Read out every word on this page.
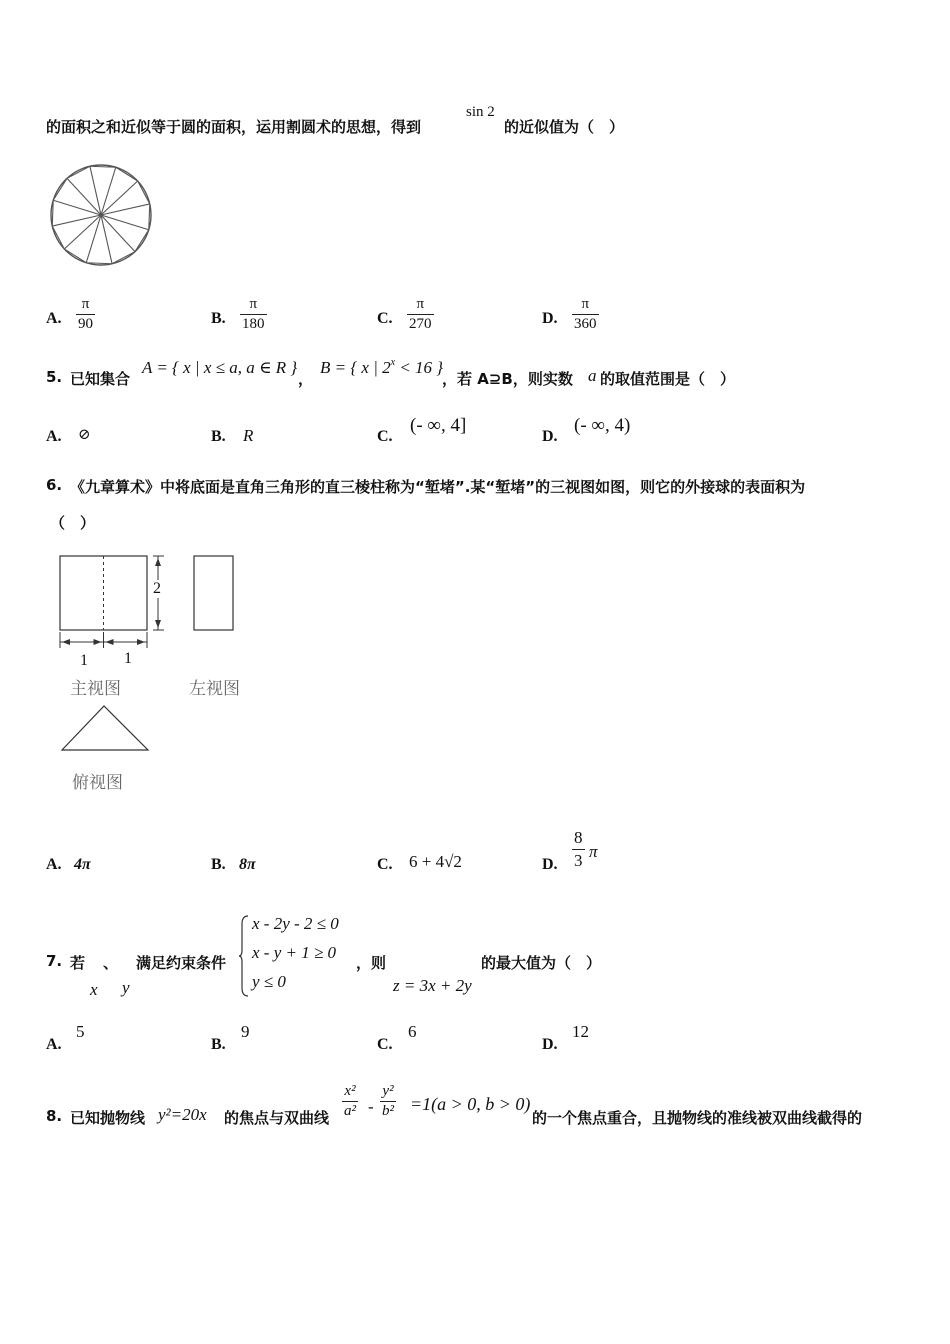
的面积之和近似等于圆的面积，运用割圆术的思想，得到
sin 2
的近似值为（　）
A.
π
90	B.
π
180	C.
π
270	D.
π
360
5. 已知集合
A = { x | x ≤ a, a ∈ R }
，
B = { x | $2^x < 16$ }
，若 A⊇B，则实数 a 的取值范围是（　）
A. ⊘	B. R	C.
(- ∞, 4]
D.
(- ∞, 4)
6. 《九章算术》中将底面是直角三角形的直三棱柱称为“堑堵”.某“堑堵”的三视图如图，则它的外接球的表面积为
（　）
2
1 1
主视图	左视图
俯视图
A. 4π	B. 8π	C. 6 + 4√2	D.
8
3 π
7. 若 、 满足约束条件
x y
x - 2y - 2 ≤ 0
x - y + 1 ≥ 0
y ≤ 0
，则
z = 3x + 2y
的最大值为（　）
A.
5
B.
9
C.
6
D.
12
8. 已知抛物线 y²=20x 的焦点与双曲线
x²
a² -
y²
b² =1(a > 0, b > 0)
的一个焦点重合，且抛物线的准线被双曲线截得的
